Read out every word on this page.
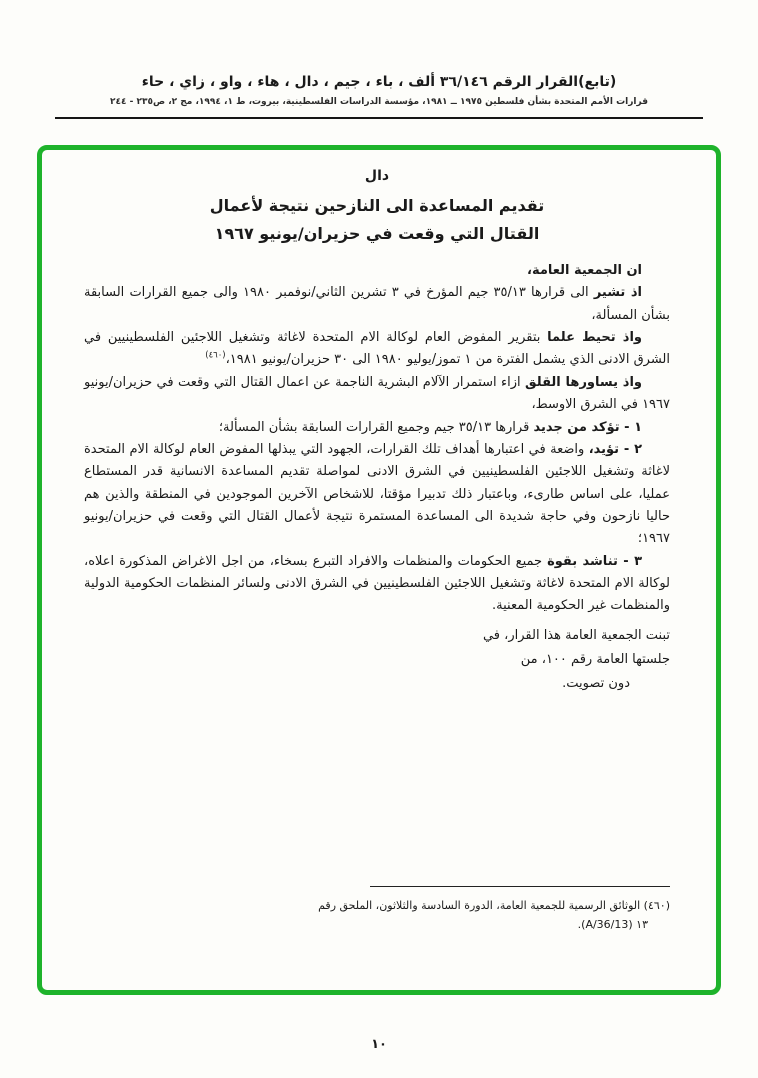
(تابع)القرار الرقم ٣٦/١٤٦ ألف ، باء ، جيم ، دال ، هاء ، واو ، زاي ، حاء
قرارات الأمم المتحدة بشأن فلسطين ١٩٧٥ ــ ١٩٨١، مؤسسة الدراسات الفلسطينية، بيروت، ط ١، ١٩٩٤، مج ٢، ص٢٣٥ - ٢٤٤
دال
تقديم المساعدة الى النازحين نتيجة لأعمال
القتال التي وقعت في حزيران/يونيو ١٩٦٧

ان الجمعية العامة،

اذ تشير الى قرارها ٣٥/١٣ جيم المؤرخ في ٣ تشرين الثاني/نوفمبر ١٩٨٠ والى جميع القرارات السابقة بشأن المسألة،

واذ تحيط علما بتقرير المفوض العام لوكالة الام المتحدة لاغاثة وتشغيل اللاجئين الفلسطينيين في الشرق الادنى الذي يشمل الفترة من ١ تموز/يوليو ١٩٨٠ الى ٣٠ حزيران/يونيو ١٩٨١،$^{(٤٦٠)}$

واذ يساورها القلق ازاء استمرار الآلام البشرية الناجمة عن اعمال القتال التي وقعت في حزيران/يونيو ١٩٦٧ في الشرق الاوسط،

١ - تؤكد من جديد قرارها ٣٥/١٣ جيم وجميع القرارات السابقة بشأن المسألة؛

٢ - تؤيد، واضعة في اعتبارها أهداف تلك القرارات، الجهود التي يبذلها المفوض العام لوكالة الام المتحدة لاغاثة وتشغيل اللاجئين الفلسطينيين في الشرق الادنى لمواصلة تقديم المساعدة الانسانية قدر المستطاع عمليا، على اساس طارىء، وباعتبار ذلك تدبيرا مؤقتا، للاشخاص الآخرين الموجودين في المنطقة والذين هم حاليا نازحون وفي حاجة شديدة الى المساعدة المستمرة نتيجة لأعمال القتال التي وقعت في حزيران/يونيو ١٩٦٧؛

٣ - تناشد بقوة جميع الحكومات والمنظمات والافراد التبرع بسخاء، من اجل الاغراض المذكورة اعلاه، لوكالة الام المتحدة لاغاثة وتشغيل اللاجئين الفلسطينيين في الشرق الادنى ولسائر المنظمات الحكومية الدولية والمنظمات غير الحكومية المعنية.

تبنت الجمعية العامة هذا القرار، في
جلستها العامة رقم ١٠٠، من
دون تصويت.

(٤٦٠) الوثائق الرسمية للجمعية العامة، الدورة السادسة والثلاثون، الملحق رقم

١٣ (A/36/13).

١٠
